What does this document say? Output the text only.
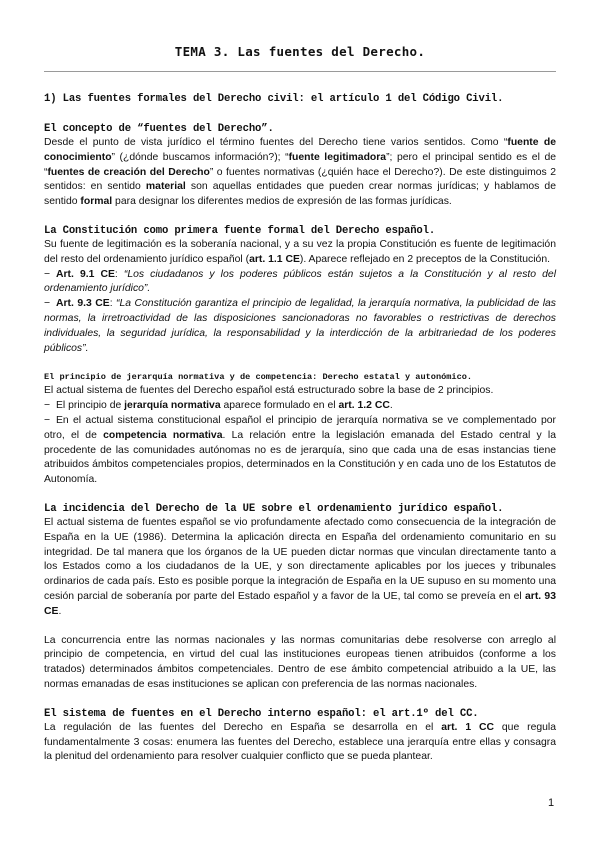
TEMA 3. Las fuentes del Derecho.

1) Las fuentes formales del Derecho civil: el artículo 1 del Código Civil.

El concepto de “fuentes del Derecho”.

Desde el punto de vista jurídico el término fuentes del Derecho tiene varios sentidos. Como “fuente de conocimiento” (¿dónde buscamos información?); “fuente legitimadora”; pero el principal sentido es el de “fuentes de creación del Derecho” o fuentes normativas (¿quién hace el Derecho?). De este distinguimos 2 sentidos: en sentido material son aquellas entidades que pueden crear normas jurídicas; y hablamos de sentido formal para designar los diferentes medios de expresión de las formas jurídicas.

La Constitución como primera fuente formal del Derecho español.

Su fuente de legitimación es la soberanía nacional, y a su vez la propia Constitución es fuente de legitimación del resto del ordenamiento jurídico español (art. 1.1 CE). Aparece reflejado en 2 preceptos de la Constitución.

− Art. 9.1 CE: “Los ciudadanos y los poderes públicos están sujetos a la Constitución y al resto del ordenamiento jurídico”.

− Art. 9.3 CE: “La Constitución garantiza el principio de legalidad, la jerarquía normativa, la publicidad de las normas, la irretroactividad de las disposiciones sancionadoras no favorables o restrictivas de derechos individuales, la seguridad jurídica, la responsabilidad y la interdicción de la arbitrariedad de los poderes públicos”.

El principio de jerarquía normativa y de competencia: Derecho estatal y autonómico.

El actual sistema de fuentes del Derecho español está estructurado sobre la base de 2 principios.

− El principio de jerarquía normativa aparece formulado en el art. 1.2 CC.

− En el actual sistema constitucional español el principio de jerarquía normativa se ve complementado por otro, el de competencia normativa. La relación entre la legislación emanada del Estado central y la procedente de las comunidades autónomas no es de jerarquía, sino que cada una de esas instancias tiene atribuidos ámbitos competenciales propios, determinados en la Constitución y en cada uno de los Estatutos de Autonomía.

La incidencia del Derecho de la UE sobre el ordenamiento jurídico español.

El actual sistema de fuentes español se vio profundamente afectado como consecuencia de la integración de España en la UE (1986). Determina la aplicación directa en España del ordenamiento comunitario en su integridad. De tal manera que los órganos de la UE pueden dictar normas que vinculan directamente tanto a los Estados como a los ciudadanos de la UE, y son directamente aplicables por los jueces y tribunales ordinarios de cada país. Esto es posible porque la integración de España en la UE supuso en su momento una cesión parcial de soberanía por parte del Estado español y a favor de la UE, tal como se preveía en el art. 93 CE.

La concurrencia entre las normas nacionales y las normas comunitarias debe resolverse con arreglo al principio de competencia, en virtud del cual las instituciones europeas tienen atribuidos (conforme a los tratados) determinados ámbitos competenciales. Dentro de ese ámbito competencial atribuido a la UE, las normas emanadas de esas instituciones se aplican con preferencia de las normas nacionales.

El sistema de fuentes en el Derecho interno español: el art.1º del CC.

La regulación de las fuentes del Derecho en España se desarrolla en el art. 1 CC que regula fundamentalmente 3 cosas: enumera las fuentes del Derecho, establece una jerarquía entre ellas y consagra la plenitud del ordenamiento para resolver cualquier conflicto que se pueda plantear.

1
